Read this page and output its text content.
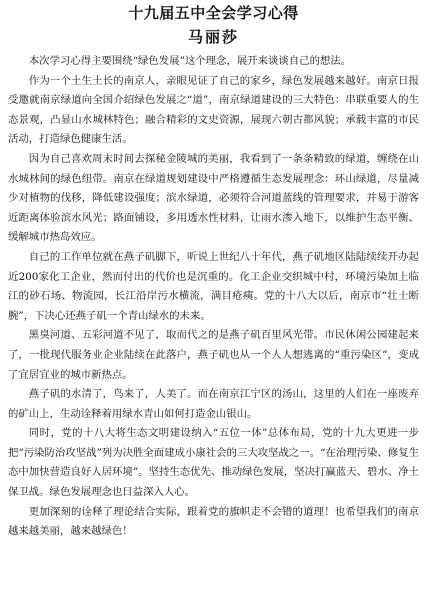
十九届五中全会学习心得
马丽莎

本次学习心得主要围绕“绿色发展”这个理念，展开来谈谈自己的想法。

作为一个土生土长的南京人，亲眼见证了自己的家乡，绿色发展越来越好。南京日报受邀就南京绿道向全国介绍绿色发展之“道”，南京绿道建设的三大特色：串联重要人的生态景观，凸显山水城林特色；融合精彩的文史资源，展现六朝古都风貌；承载丰富的市民活动，打造绿色健康生活。

因为自己喜欢周末时间去探秘金陵城的美丽，我看到了一条条精致的绿道，缠绕在山水城林间的绿色纽带。南京在绿道规划建设中严格遵循生态发展理念：环山绿道，尽量减少对植物的伐移，降低建设强度；滨水绿道，必须符合河道蓝线的管理要求，并易于游客近距离体验滨水风光；路面铺设，多用透水性材料，让雨水渗入地下，以维护生态平衡、缓解城市热岛效应。

自己的工作单位就在燕子矶脚下，听说上世纪八十年代，燕子矶地区陆陆续续开办起近200家化工企业，然而付出的代价也是沉重的。化工企业交织城中村，环境污染加上临江的砂石场、物流园，长江沿岸污水横流，满目疮痍。党的十八大以后，南京市“壮士断腕”，下决心还燕子矶一个青山绿水的未来。

黑臭河道、五彩河道不见了，取而代之的是燕子矶百里风光带。市民休闲公园建起来了，一批现代服务业企业陆续在此落户，燕子矶也从一个人人想逃离的“重污染区”，变成了宜居宜业的城市新热点。

燕子矶的水清了，鸟来了，人美了。而在南京江宁区的汤山，这里的人们在一座废弃的矿山上，生动诠释着用绿水青山如何打造金山银山。

同时，党的十八大将生态文明建设纳入“五位一体”总体布局，党的十九大更进一步把“污染防治攻坚战”列为决胜全面建成小康社会的三大攻坚战之一。“在治理污染、修复生态中加快营造良好人居环境”。坚持生态优先、推动绿色发展，坚决打赢蓝天、碧水、净土保卫战。绿色发展理念也日益深入人心。

更加深刻的诠释了理论结合实际，跟着党的旗帜走不会错的道理！也希望我们的南京越来越美丽，越来越绿色！
